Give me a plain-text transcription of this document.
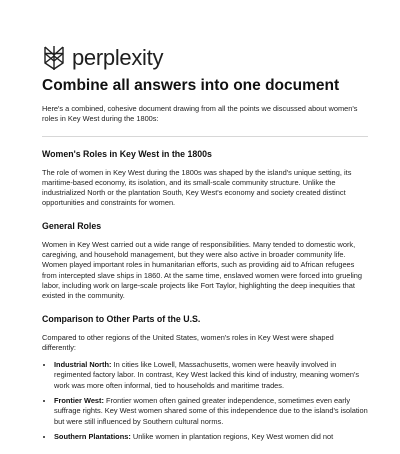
perplexity
Combine all answers into one document

Here's a combined, cohesive document drawing from all the points we discussed about women's roles in Key West during the 1800s:

Women's Roles in Key West in the 1800s

The role of women in Key West during the 1800s was shaped by the island's unique setting, its maritime-based economy, its isolation, and its small-scale community structure. Unlike the industrialized North or the plantation South, Key West's economy and society created distinct opportunities and constraints for women.

General Roles

Women in Key West carried out a wide range of responsibilities. Many tended to domestic work, caregiving, and household management, but they were also active in broader community life. Women played important roles in humanitarian efforts, such as providing aid to African refugees from intercepted slave ships in 1860. At the same time, enslaved women were forced into grueling labor, including work on large-scale projects like Fort Taylor, highlighting the deep inequities that existed in the community.

Comparison to Other Parts of the U.S.

Compared to other regions of the United States, women's roles in Key West were shaped differently:

• Industrial North: In cities like Lowell, Massachusetts, women were heavily involved in regimented factory labor. In contrast, Key West lacked this kind of industry, meaning women's work was more often informal, tied to households and maritime trades.
• Frontier West: Frontier women often gained greater independence, sometimes even early suffrage rights. Key West women shared some of this independence due to the island's isolation but were still influenced by Southern cultural norms.
• Southern Plantations: Unlike women in plantation regions, Key West women did not
